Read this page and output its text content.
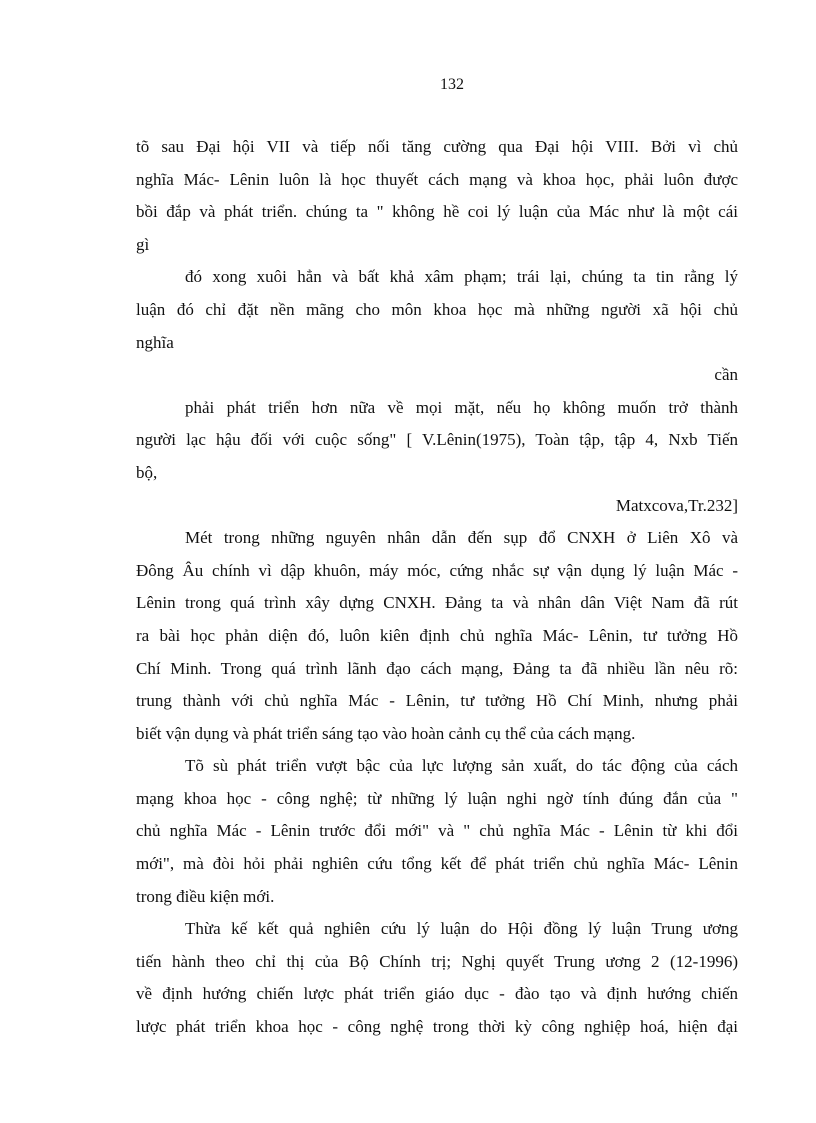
132
tõ sau Đại hội VII và tiếp nối tăng cường qua Đại hội VIII. Bởi vì chủ
nghĩa Mác- Lênin luôn là học thuyết cách mạng và khoa học, phải luôn được
bồi đắp và phát triển. chúng ta " không hề coi lý luận của Mác như là một cái
gì
đó xong xuôi hẳn và bất khả xâm phạm; trái lại, chúng ta tin rằng lý
luận đó chỉ đặt nền mãng cho môn khoa học mà những người xã hội chủ
nghĩa
cần
phải phát triển hơn nữa về mọi mặt, nếu họ không muốn trở thành
người lạc hậu đối với cuộc sống" [ V.Lênin(1975), Toàn tập, tập 4, Nxb Tiến
bộ,
Matxcova,Tr.232]
Mét trong những nguyên nhân dẫn đến sụp đổ CNXH ở Liên Xô và
Đông Âu chính vì dập khuôn, máy móc, cứng nhắc sự vận dụng lý luận Mác -
Lênin trong quá trình xây dựng CNXH. Đảng ta và nhân dân Việt Nam đã rút
ra bài học phản diện đó, luôn kiên định chủ nghĩa Mác- Lênin, tư tưởng Hồ
Chí Minh. Trong quá trình lãnh đạo cách mạng, Đảng ta đã nhiều lần nêu rõ:
trung thành với chủ nghĩa Mác - Lênin, tư tưởng Hồ Chí Minh, nhưng phải
biết vận dụng và phát triển sáng tạo vào hoàn cảnh cụ thể của cách mạng.
Tõ sù phát triển vượt bậc của lực lượng sản xuất, do tác động của cách
mạng khoa học - công nghệ; từ những lý luận nghi ngờ tính đúng đắn của "
chủ nghĩa Mác - Lênin trước đổi mới" và " chủ nghĩa Mác - Lênin từ khi đổi
mới", mà đòi hỏi phải nghiên cứu tổng kết để phát triển chủ nghĩa Mác- Lênin
trong điều kiện mới.
Thừa kế kết quả nghiên cứu lý luận do Hội đồng lý luận Trung ương
tiến hành theo chỉ thị của Bộ Chính trị; Nghị quyết Trung ương 2 (12-1996)
về định hướng chiến lược phát triển giáo dục - đào tạo và định hướng chiến
lược phát triển khoa học - công nghệ trong thời kỳ công nghiệp hoá, hiện đại
